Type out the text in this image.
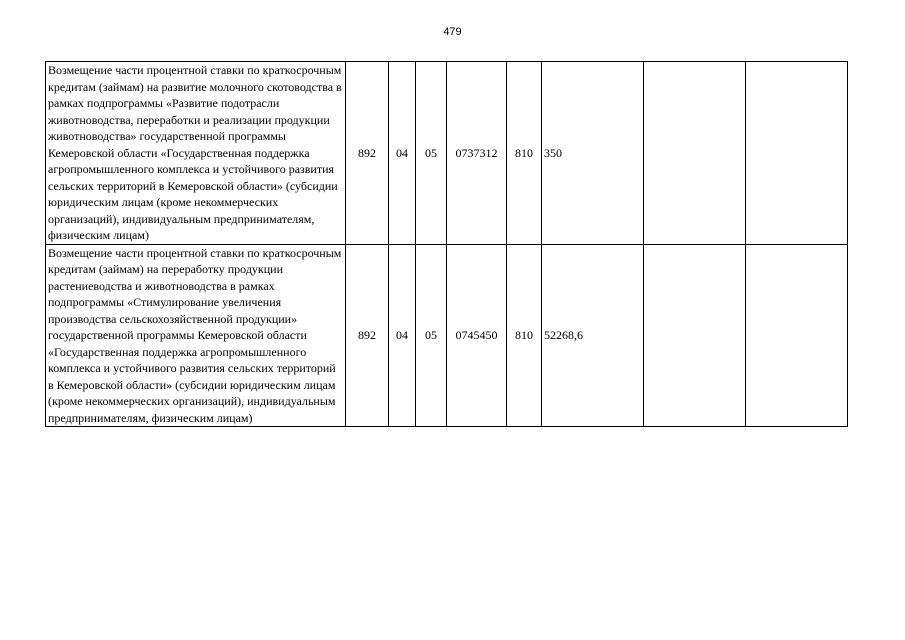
479
Возмещение части процентной ставки по краткосрочным кредитам (займам) на развитие молочного скотоводства в рамках подпрограммы «Развитие подотрасли животноводства, переработки и реализации продукции животноводства» государственной программы Кемеровской области «Государственная поддержка агропромышленного комплекса и устойчивого развития сельских территорий в Кемеровской области» (субсидии юридическим лицам (кроме некоммерческих организаций), индивидуальным предпринимателям, физическим лицам)	892	04	05	0737312	810	350		
Возмещение части процентной ставки по краткосрочным кредитам (займам) на переработку продукции растениеводства и животноводства в рамках подпрограммы «Стимулирование увеличения производства сельскохозяйственной продукции» государственной программы Кемеровской области «Государственная поддержка агропромышленного комплекса и устойчивого развития сельских территорий в Кемеровской области» (субсидии юридическим лицам (кроме некоммерческих организаций), индивидуальным предпринимателям, физическим лицам)	892	04	05	0745450	810	52268,6		
